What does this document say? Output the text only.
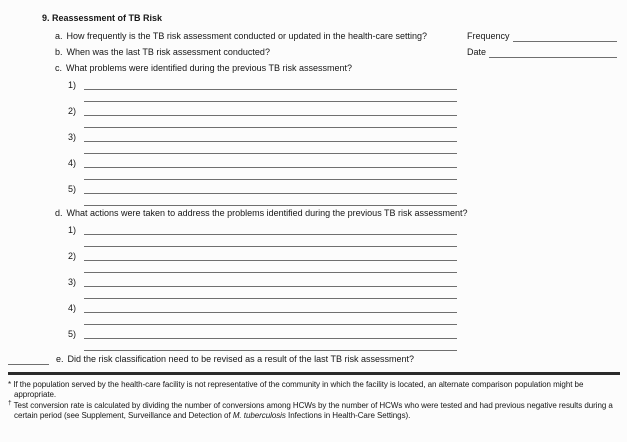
9. Reassessment of TB Risk
a. How frequently is the TB risk assessment conducted or updated in the health-care setting?	Frequency
b. When was the last TB risk assessment conducted?	Date
c. What problems were identified during the previous TB risk assessment?
1)
2)
3)
4)
5)
d. What actions were taken to address the problems identified during the previous TB risk assessment?
1)
2)
3)
4)
5)
e. Did the risk classification need to be revised as a result of the last TB risk assessment?
* If the population served by the health-care facility is not representative of the community in which the facility is located, an alternate comparison population might be appropriate.
† Test conversion rate is calculated by dividing the number of conversions among HCWs by the number of HCWs who were tested and had previous negative results during a certain period (see Supplement, Surveillance and Detection of M. tuberculosis Infections in Health-Care Settings).
